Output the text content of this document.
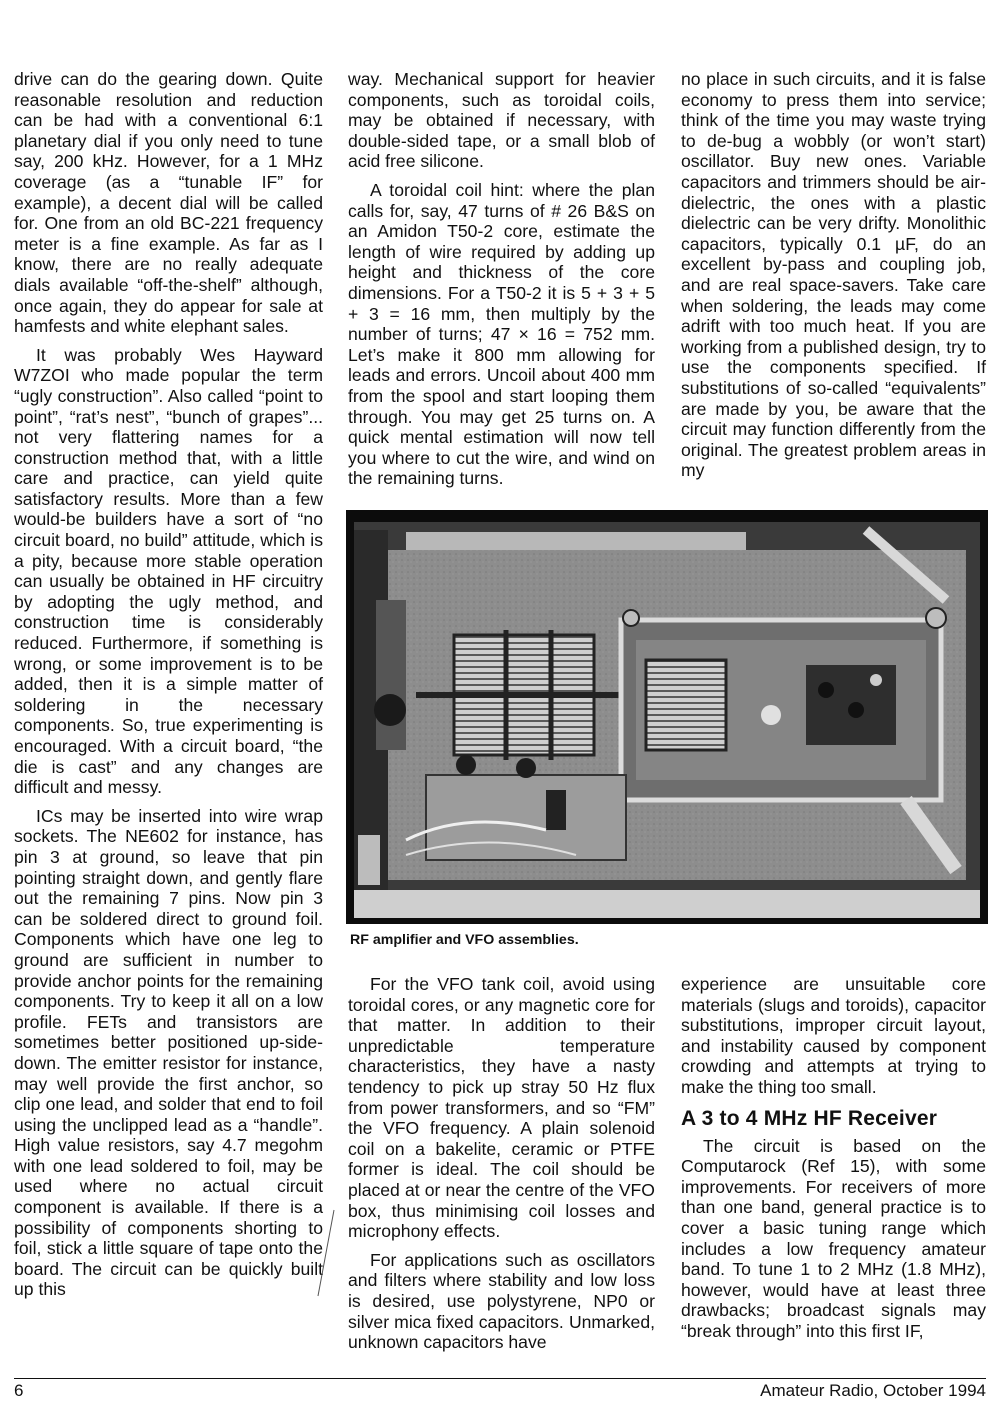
drive can do the gearing down. Quite reasonable resolution and reduction can be had with a conventional 6:1 planetary dial if you only need to tune say, 200 kHz. However, for a 1 MHz coverage (as a “tunable IF” for example), a decent dial will be called for. One from an old BC-221 frequency meter is a fine example. As far as I know, there are no really adequate dials available “off-the-shelf” although, once again, they do appear for sale at hamfests and white elephant sales.

It was probably Wes Hayward W7ZOI who made popular the term “ugly construction”. Also called “point to point”, “rat’s nest”, “bunch of grapes”... not very flattering names for a construction method that, with a little care and practice, can yield quite satisfactory results. More than a few would-be builders have a sort of “no circuit board, no build” attitude, which is a pity, because more stable operation can usually be obtained in HF circuitry by adopting the ugly method, and construction time is considerably reduced. Furthermore, if something is wrong, or some improvement is to be added, then it is a simple matter of soldering in the necessary components. So, true experimenting is encouraged. With a circuit board, “the die is cast” and any changes are difficult and messy.

ICs may be inserted into wire wrap sockets. The NE602 for instance, has pin 3 at ground, so leave that pin pointing straight down, and gently flare out the remaining 7 pins. Now pin 3 can be soldered direct to ground foil. Components which have one leg to ground are sufficient in number to provide anchor points for the remaining components. Try to keep it all on a low profile. FETs and transistors are sometimes better positioned up-side-down. The emitter resistor for instance, may well provide the first anchor, so clip one lead, and solder that end to foil using the unclipped lead as a “handle”. High value resistors, say 4.7 megohm with one lead soldered to foil, may be used where no actual circuit component is available. If there is a possibility of components shorting to foil, stick a little square of tape onto the board. The circuit can be quickly built up this

way. Mechanical support for heavier components, such as toroidal coils, may be obtained if necessary, with double-sided tape, or a small blob of acid free silicone.

A toroidal coil hint: where the plan calls for, say, 47 turns of # 26 B&S on an Amidon T50-2 core, estimate the length of wire required by adding up height and thickness of the core dimensions. For a T50-2 it is 5 + 3 + 5 + 3 = 16 mm, then multiply by the number of turns; 47 × 16 = 752 mm. Let’s make it 800 mm allowing for leads and errors. Uncoil about 400 mm from the spool and start looping them through. You may get 25 turns on. A quick mental estimation will now tell you where to cut the wire, and wind on the remaining turns.

no place in such circuits, and it is false economy to press them into service; think of the time you may waste trying to de-bug a wobbly (or won’t start) oscillator. Buy new ones. Variable capacitors and trimmers should be air-dielectric, the ones with a plastic dielectric can be very drifty. Monolithic capacitors, typically 0.1 µF, do an excellent by-pass and coupling job, and are real space-savers. Take care when soldering, the leads may come adrift with too much heat. If you are working from a published design, try to use the components specified. If substitutions of so-called “equivalents” are made by you, be aware that the circuit may function differently from the original. The greatest problem areas in my

RF amplifier and VFO assemblies.

For the VFO tank coil, avoid using toroidal cores, or any magnetic core for that matter. In addition to their unpredictable temperature characteristics, they have a nasty tendency to pick up stray 50 Hz flux from power transformers, and so “FM” the VFO frequency. A plain solenoid coil on a bakelite, ceramic or PTFE former is ideal. The coil should be placed at or near the centre of the VFO box, thus minimising coil losses and microphony effects.

For applications such as oscillators and filters where stability and low loss is desired, use polystyrene, NP0 or silver mica fixed capacitors. Unmarked, unknown capacitors have

experience are unsuitable core materials (slugs and toroids), capacitor substitutions, improper circuit layout, and instability caused by component crowding and attempts at trying to make the thing too small.

A 3 to 4 MHz HF Receiver

The circuit is based on the Computarock (Ref 15), with some improvements. For receivers of more than one band, general practice is to cover a basic tuning range which includes a low frequency amateur band. To tune 1 to 2 MHz (1.8 MHz), however, would have at least three drawbacks; broadcast signals may “break through” into this first IF,

6	Amateur Radio, October 1994
